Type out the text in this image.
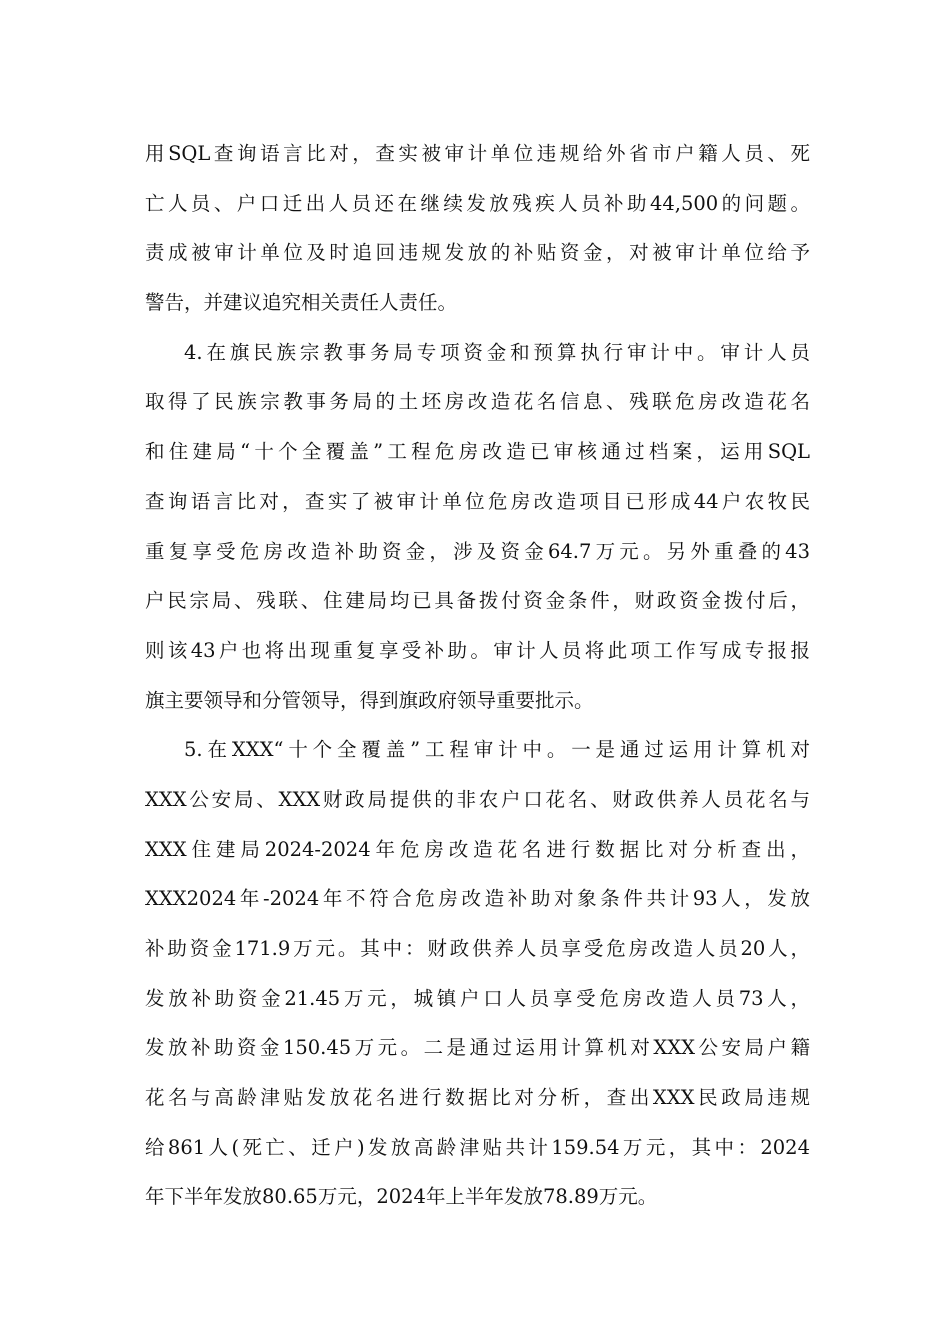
用SQL查询语言比对，查实被审计单位违规给外省市户籍人员、死
亡人员、户口迁出人员还在继续发放残疾人员补助44,500的问题。
责成被审计单位及时追回违规发放的补贴资金，对被审计单位给予
警告，并建议追究相关责任人责任。
4.在旗民族宗教事务局专项资金和预算执行审计中。审计人员
取得了民族宗教事务局的土坯房改造花名信息、残联危房改造花名
和住建局“十个全覆盖”工程危房改造已审核通过档案，运用SQL
查询语言比对，查实了被审计单位危房改造项目已形成44户农牧民
重复享受危房改造补助资金，涉及资金64.7万元。另外重叠的43
户民宗局、残联、住建局均已具备拨付资金条件，财政资金拨付后，
则该43户也将出现重复享受补助。审计人员将此项工作写成专报报
旗主要领导和分管领导，得到旗政府领导重要批示。
5.在XXX“十个全覆盖”工程审计中。一是通过运用计算机对
XXX公安局、XXX财政局提供的非农户口花名、财政供养人员花名与
XXX住建局2024-2024年危房改造花名进行数据比对分析查出，
XXX2024年-2024年不符合危房改造补助对象条件共计93人，发放
补助资金171.9万元。其中：财政供养人员享受危房改造人员20人，
发放补助资金21.45万元，城镇户口人员享受危房改造人员73人，
发放补助资金150.45万元。二是通过运用计算机对XXX公安局户籍
花名与高龄津贴发放花名进行数据比对分析，查出XXX民政局违规
给861人(死亡、迁户)发放高龄津贴共计159.54万元，其中：2024
年下半年发放80.65万元，2024年上半年发放78.89万元。
